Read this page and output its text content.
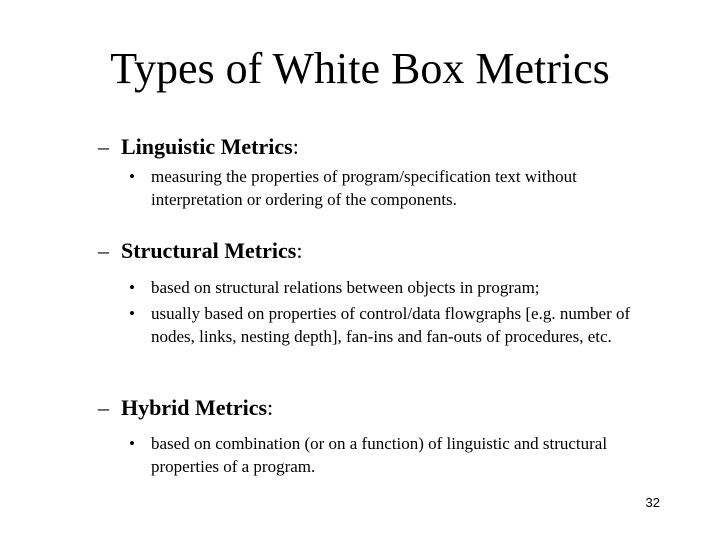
Types of White Box Metrics
– Linguistic Metrics:
• measuring the properties of program/specification text without interpretation or ordering of the components.
– Structural Metrics:
• based on structural relations between objects in program;
• usually based on properties of control/data flowgraphs [e.g. number of nodes, links, nesting depth], fan-ins and fan-outs of procedures, etc.
– Hybrid Metrics:
• based on combination (or on a function) of linguistic and structural properties of a program.
32
